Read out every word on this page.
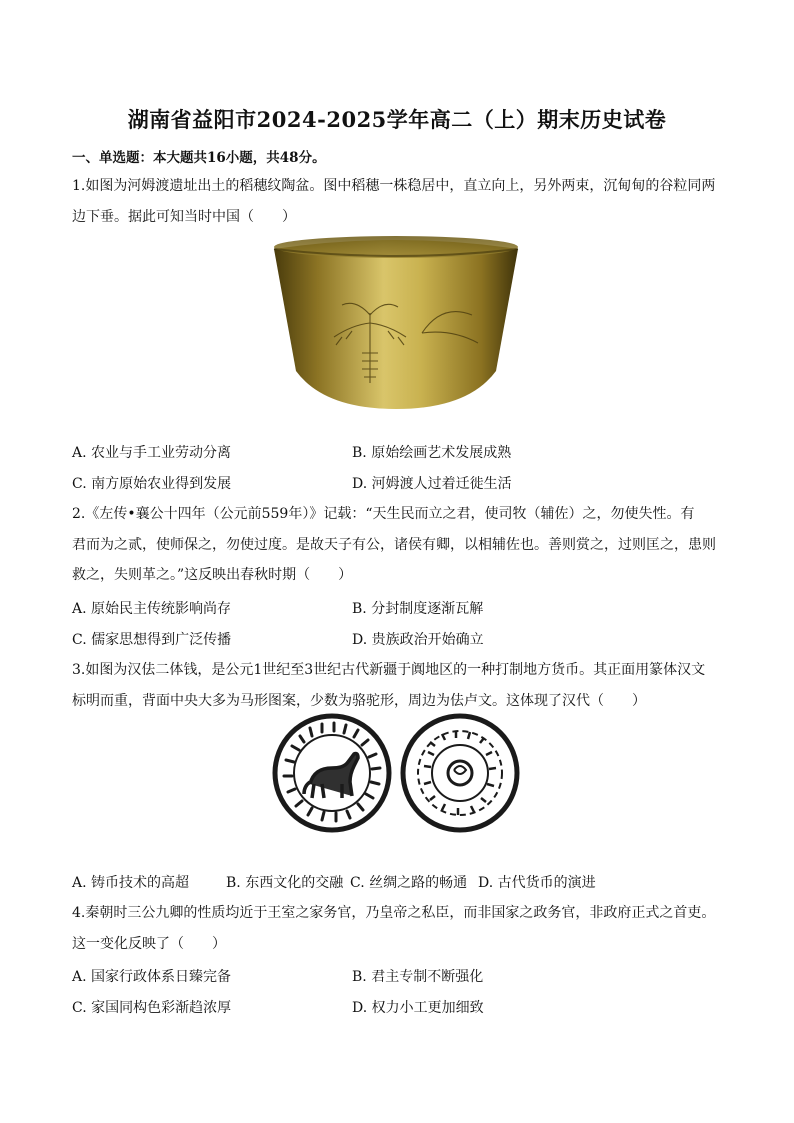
湖南省益阳市2024-2025学年高二（上）期末历史试卷
一、单选题：本大题共16小题，共48分。
1.如图为河姆渡遗址出土的稻穗纹陶盆。图中稻穗一株稳居中，直立向上，另外两束，沉甸甸的谷粒同两
边下垂。据此可知当时中国（　　）
A. 农业与手工业劳动分离	B. 原始绘画艺术发展成熟
C. 南方原始农业得到发展	D. 河姆渡人过着迁徙生活
2.《左传•襄公十四年（公元前559年）》记载：“天生民而立之君，使司牧（辅佐）之，勿使失性。有
君而为之贰，使师保之，勿使过度。是故天子有公，诸侯有卿，以相辅佐也。善则赏之，过则匡之，患则
救之，失则革之。”这反映出春秋时期（　　）
A. 原始民主传统影响尚存	B. 分封制度逐渐瓦解
C. 儒家思想得到广泛传播	D. 贵族政治开始确立
3.如图为汉佉二体钱，是公元1世纪至3世纪古代新疆于阗地区的一种打制地方货币。其正面用篆体汉文
标明而重，背面中央大多为马形图案，少数为骆驼形，周边为佉卢文。这体现了汉代（　　）
A. 铸币技术的高超	B. 东西文化的交融 C. 丝绸之路的畅通 D. 古代货币的演进
4.秦朝时三公九卿的性质均近于王室之家务官，乃皇帝之私臣，而非国家之政务官，非政府正式之首吏。
这一变化反映了（　　）
A. 国家行政体系日臻完备	B. 君主专制不断强化
C. 家国同构色彩渐趋浓厚	D. 权力小工更加细致
